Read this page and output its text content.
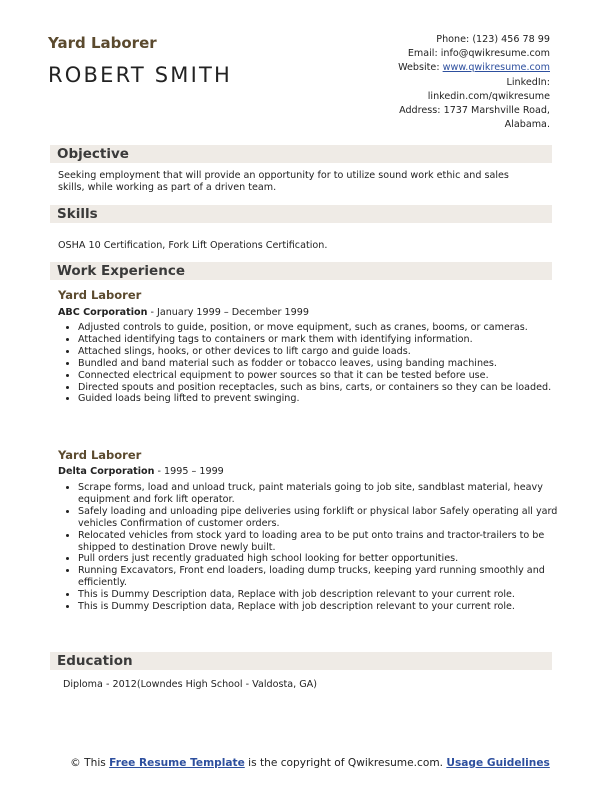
Yard Laborer
ROBERT SMITH
Phone: (123) 456 78 99
Email: info@qwikresume.com
Website: www.qwikresume.com
LinkedIn:
linkedin.com/qwikresume
Address: 1737 Marshville Road,
Alabama.
Objective
Seeking employment that will provide an opportunity for to utilize sound work ethic and sales skills, while working as part of a driven team.
Skills
OSHA 10 Certification, Fork Lift Operations Certification.
Work Experience
Yard Laborer
ABC Corporation - January 1999 – December 1999
• Adjusted controls to guide, position, or move equipment, such as cranes, booms, or cameras.
• Attached identifying tags to containers or mark them with identifying information.
• Attached slings, hooks, or other devices to lift cargo and guide loads.
• Bundled and band material such as fodder or tobacco leaves, using banding machines.
• Connected electrical equipment to power sources so that it can be tested before use.
• Directed spouts and position receptacles, such as bins, carts, or containers so they can be loaded.
• Guided loads being lifted to prevent swinging.
Yard Laborer
Delta Corporation - 1995 – 1999
• Scrape forms, load and unload truck, paint materials going to job site, sandblast material, heavy equipment and fork lift operator.
• Safely loading and unloading pipe deliveries using forklift or physical labor Safely operating all yard vehicles Confirmation of customer orders.
• Relocated vehicles from stock yard to loading area to be put onto trains and tractor-trailers to be shipped to destination Drove newly built.
• Pull orders just recently graduated high school looking for better opportunities.
• Running Excavators, Front end loaders, loading dump trucks, keeping yard running smoothly and efficiently.
• This is Dummy Description data, Replace with job description relevant to your current role.
• This is Dummy Description data, Replace with job description relevant to your current role.
Education
Diploma - 2012(Lowndes High School - Valdosta, GA)
© This Free Resume Template is the copyright of Qwikresume.com. Usage Guidelines
